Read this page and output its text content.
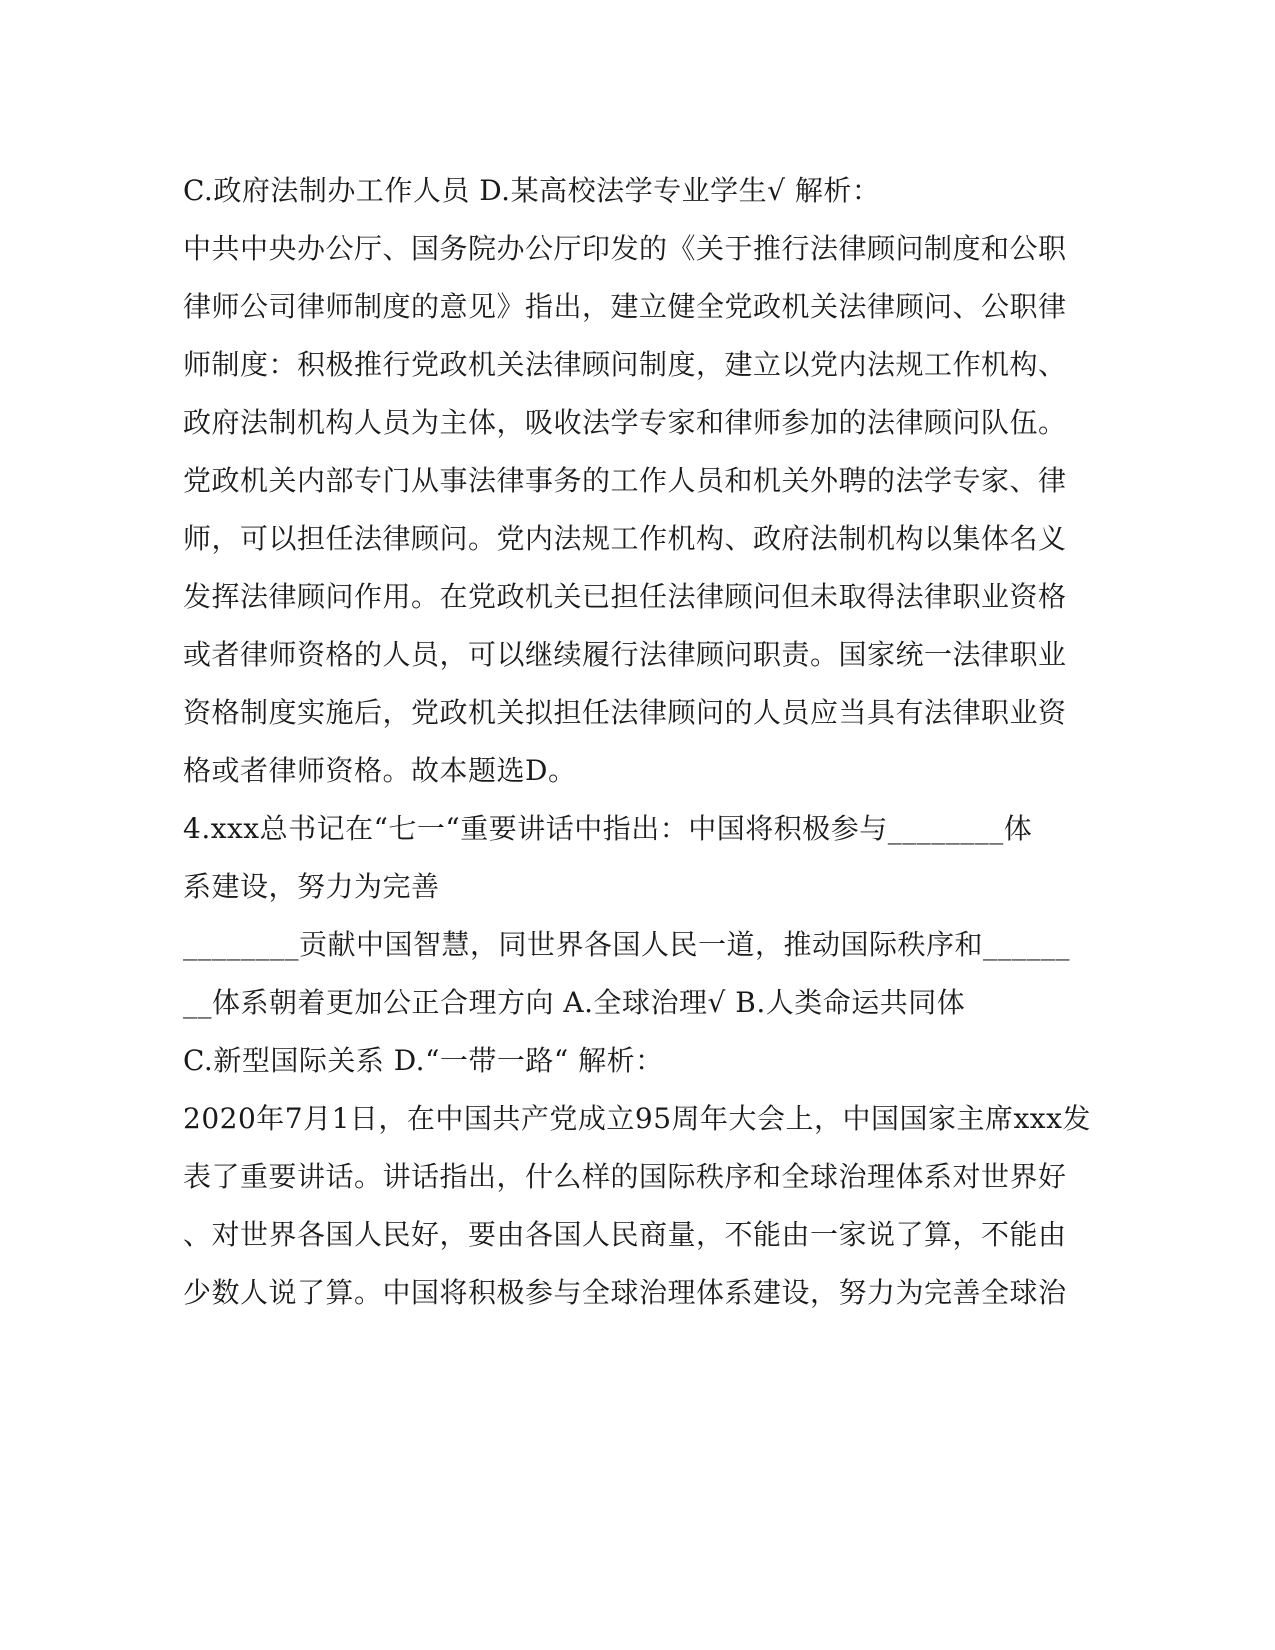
C.政府法制办工作人员 D.某高校法学专业学生√ 解析：
中共中央办公厅、国务院办公厅印发的《关于推行法律顾问制度和公职
律师公司律师制度的意见》指出，建立健全党政机关法律顾问、公职律
师制度：积极推行党政机关法律顾问制度，建立以党内法规工作机构、
政府法制机构人员为主体，吸收法学专家和律师参加的法律顾问队伍。
党政机关内部专门从事法律事务的工作人员和机关外聘的法学专家、律
师，可以担任法律顾问。党内法规工作机构、政府法制机构以集体名义
发挥法律顾问作用。在党政机关已担任法律顾问但未取得法律职业资格
或者律师资格的人员，可以继续履行法律顾问职责。国家统一法律职业
资格制度实施后，党政机关拟担任法律顾问的人员应当具有法律职业资
格或者律师资格。故本题选D。
4.xxx总书记在“七一“重要讲话中指出：中国将积极参与________体
系建设，努力为完善
________贡献中国智慧，同世界各国人民一道，推动国际秩序和______
__体系朝着更加公正合理方向 A.全球治理√ B.人类命运共同体
C.新型国际关系 D.“一带一路“ 解析：
2020年7月1日，在中国共产党成立95周年大会上，中国国家主席xxx发
表了重要讲话。讲话指出，什么样的国际秩序和全球治理体系对世界好
、对世界各国人民好，要由各国人民商量，不能由一家说了算，不能由
少数人说了算。中国将积极参与全球治理体系建设，努力为完善全球治
